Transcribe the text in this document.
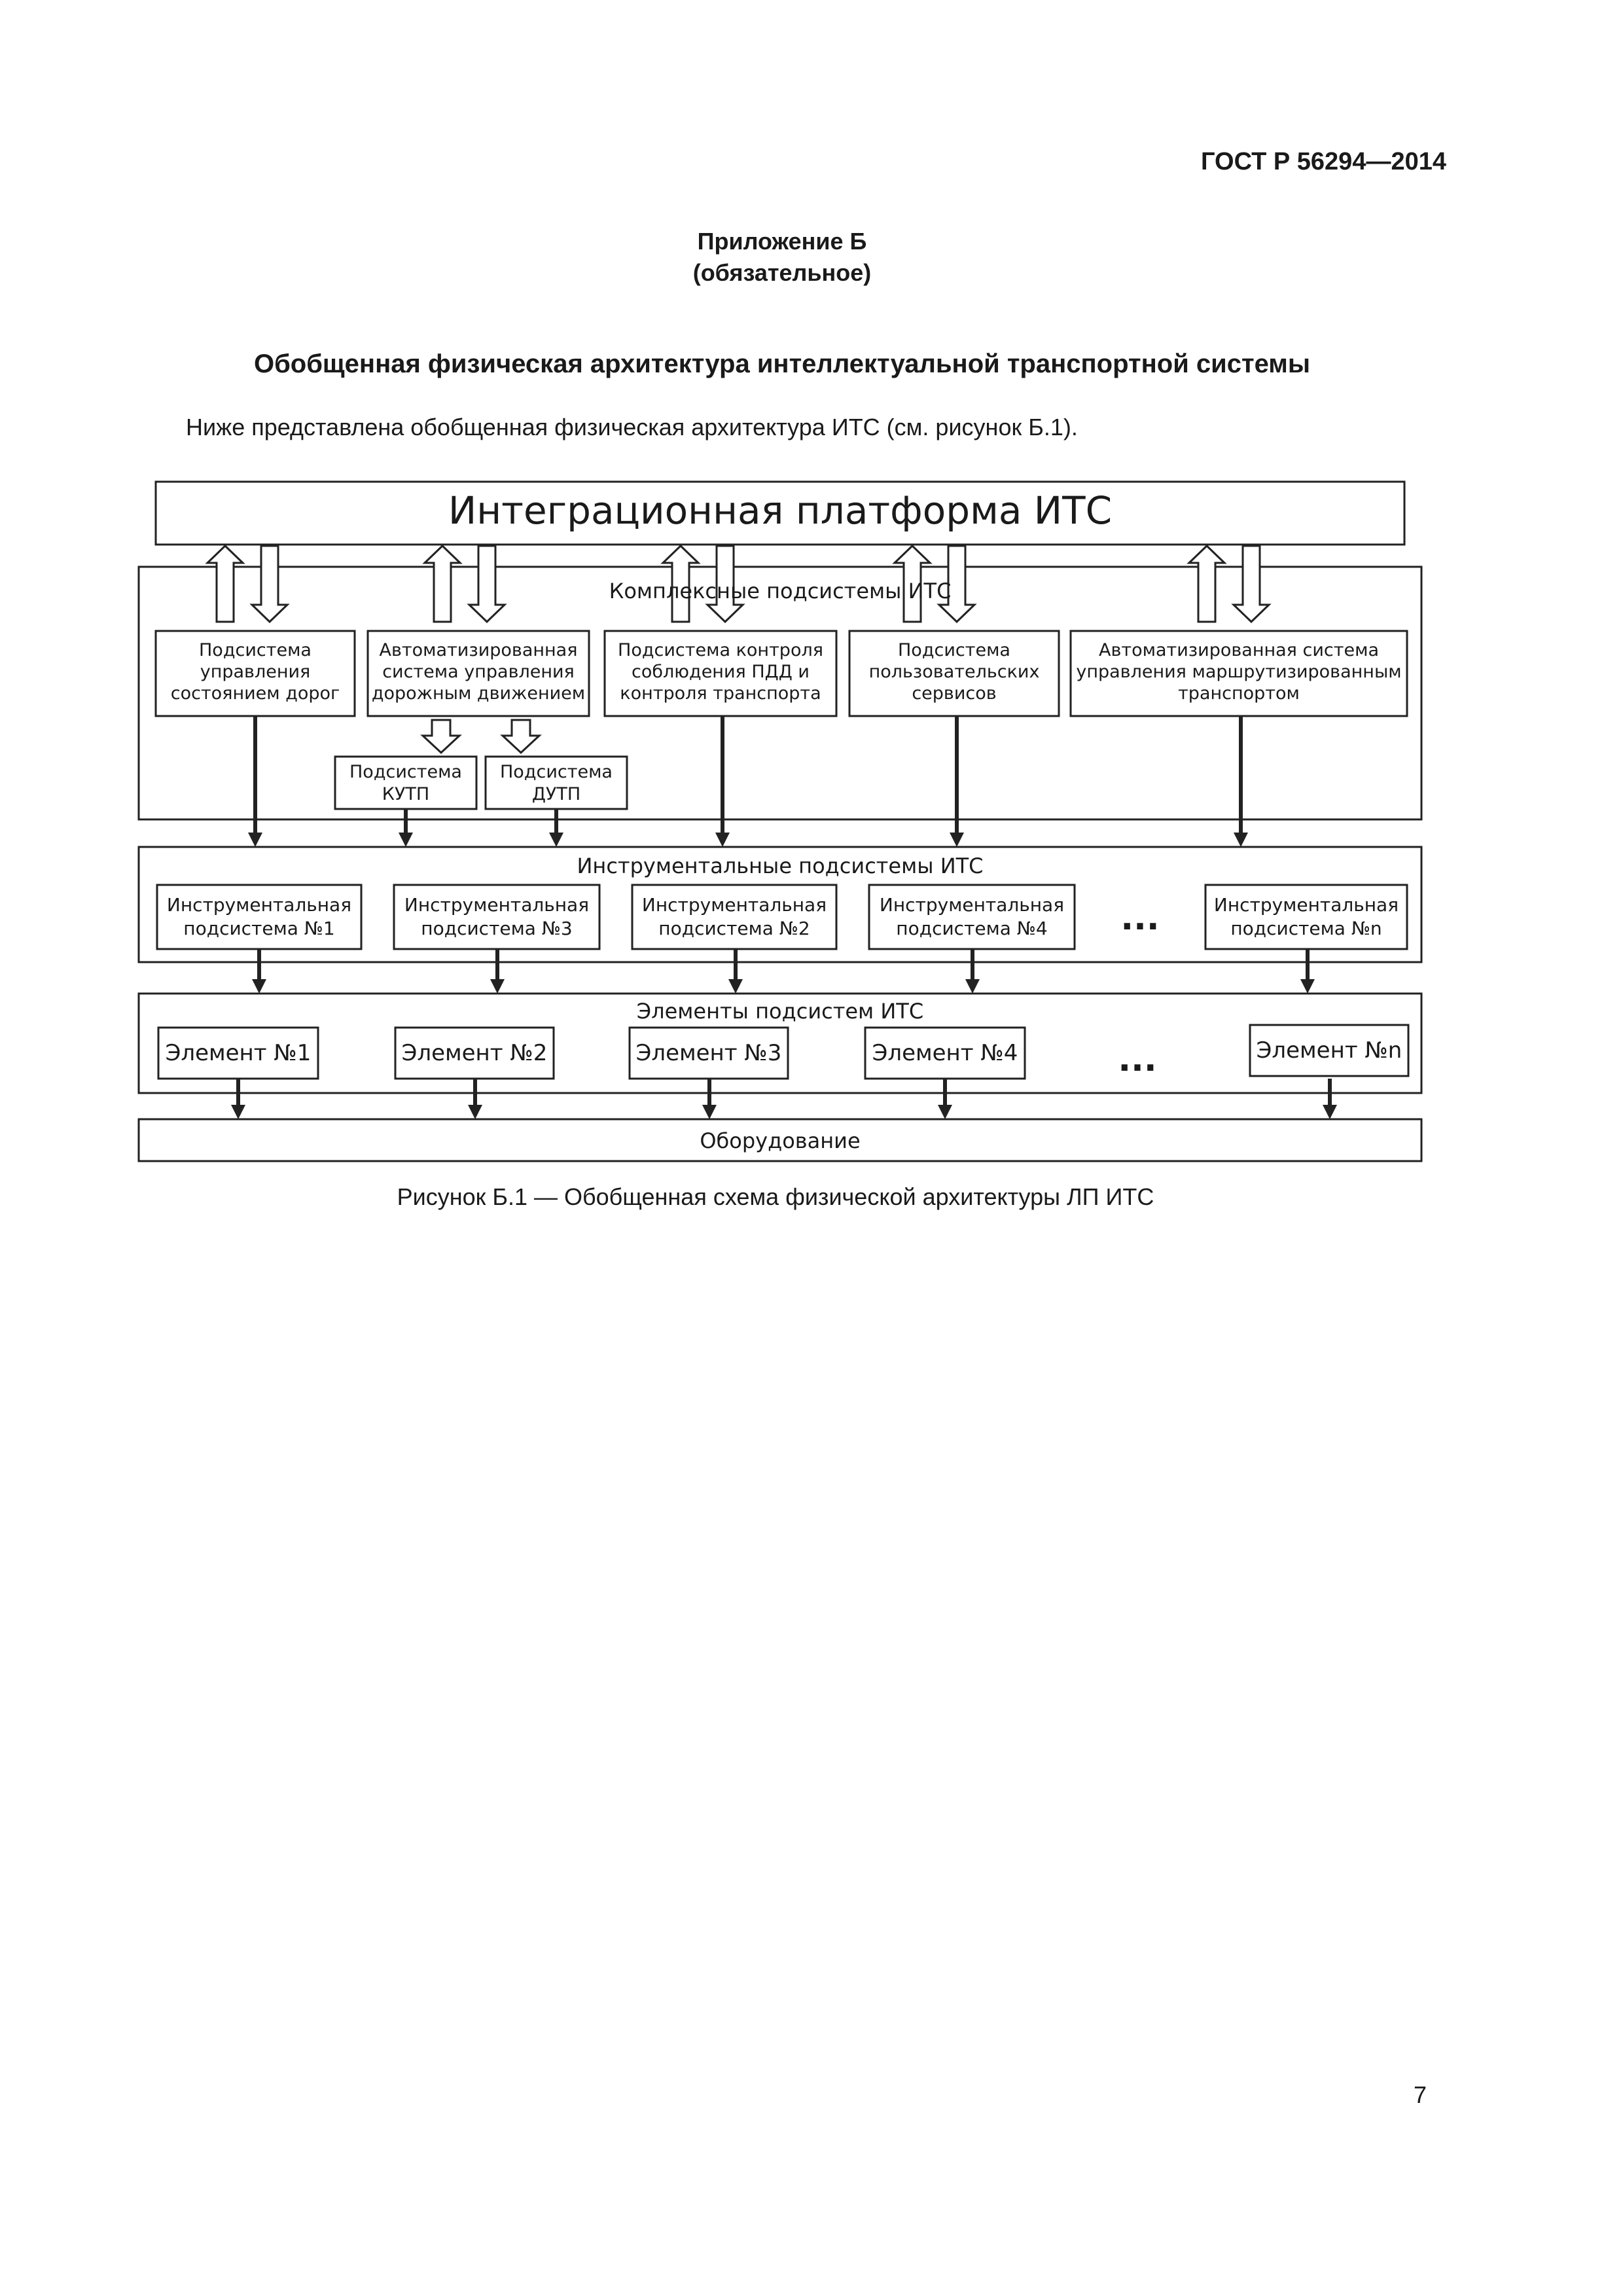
ГОСТ Р 56294—2014
Приложение Б
(обязательное)
Обобщенная физическая архитектура интеллектуальной транспортной системы
Ниже представлена обобщенная физическая архитектура ИТС (см. рисунок Б.1).
Интеграционная платформа ИТС
Комплексные подсистемы ИТС
Подсистема
управления
состоянием дорог
Автоматизированная
система управления
дорожным движением
Подсистема контроля
соблюдения ПДД и
контроля транспорта
Подсистема
пользовательских
сервисов
Автоматизированная система
управления маршрутизированным
транспортом
Подсистема
КУТП
Подсистема
ДУТП
Инструментальные подсистемы ИТС
Инструментальная
подсистема №1
Инструментальная
подсистема №3
Инструментальная
подсистема №2
Инструментальная
подсистема №4 ...	Инструментальная
подсистема №n
Элементы подсистем ИТС
Элемент №1	Элемент №2	Элемент №3	Элемент №4	...	Элемент №n
Оборудование
Рисунок Б.1 — Обобщенная схема физической архитектуры ЛП ИТС
7
